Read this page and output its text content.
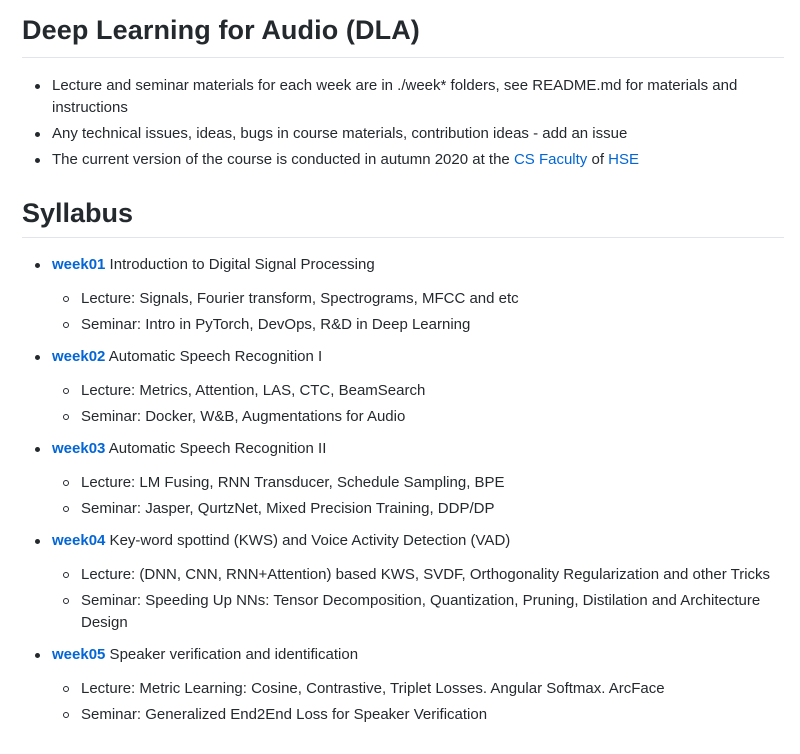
Deep Learning for Audio (DLA)
Lecture and seminar materials for each week are in ./week* folders, see README.md for materials and instructions
Any technical issues, ideas, bugs in course materials, contribution ideas - add an issue
The current version of the course is conducted in autumn 2020 at the CS Faculty of HSE
Syllabus
week01 Introduction to Digital Signal Processing
Lecture: Signals, Fourier transform, Spectrograms, MFCC and etc
Seminar: Intro in PyTorch, DevOps, R&D in Deep Learning
week02 Automatic Speech Recognition I
Lecture: Metrics, Attention, LAS, CTC, BeamSearch
Seminar: Docker, W&B, Augmentations for Audio
week03 Automatic Speech Recognition II
Lecture: LM Fusing, RNN Transducer, Schedule Sampling, BPE
Seminar: Jasper, QurtzNet, Mixed Precision Training, DDP/DP
week04 Key-word spottind (KWS) and Voice Activity Detection (VAD)
Lecture: (DNN, CNN, RNN+Attention) based KWS, SVDF, Orthogonality Regularization and other Tricks
Seminar: Speeding Up NNs: Tensor Decomposition, Quantization, Pruning, Distilation and Architecture Design
week05 Speaker verification and identification
Lecture: Metric Learning: Cosine, Contrastive, Triplet Losses. Angular Softmax. ArcFace
Seminar: Generalized End2End Loss for Speaker Verification
